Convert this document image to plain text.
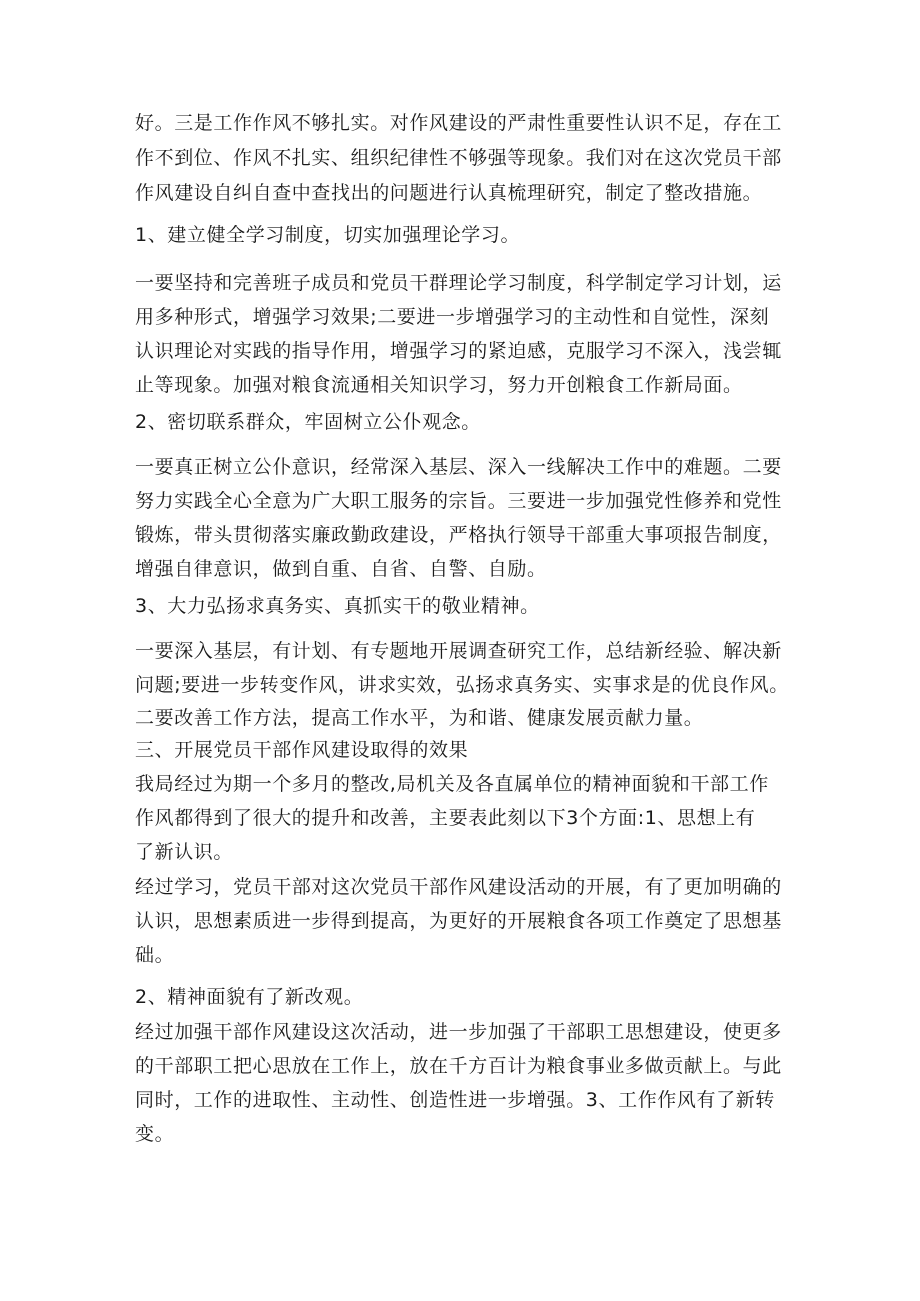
好。三是工作作风不够扎实。对作风建设的严肃性重要性认识不足，存在工
作不到位、作风不扎实、组织纪律性不够强等现象。我们对在这次党员干部
作风建设自纠自查中查找出的问题进行认真梳理研究，制定了整改措施。
1、建立健全学习制度，切实加强理论学习。
一要坚持和完善班子成员和党员干群理论学习制度，科学制定学习计划，运
用多种形式，增强学习效果;二要进一步增强学习的主动性和自觉性，深刻
认识理论对实践的指导作用，增强学习的紧迫感，克服学习不深入，浅尝辄
止等现象。加强对粮食流通相关知识学习，努力开创粮食工作新局面。
2、密切联系群众，牢固树立公仆观念。
一要真正树立公仆意识，经常深入基层、深入一线解决工作中的难题。二要
努力实践全心全意为广大职工服务的宗旨。三要进一步加强党性修养和党性
锻炼，带头贯彻落实廉政勤政建设，严格执行领导干部重大事项报告制度，
增强自律意识，做到自重、自省、自警、自励。
3、大力弘扬求真务实、真抓实干的敬业精神。
一要深入基层，有计划、有专题地开展调查研究工作，总结新经验、解决新
问题;要进一步转变作风，讲求实效，弘扬求真务实、实事求是的优良作风。
二要改善工作方法，提高工作水平，为和谐、健康发展贡献力量。
三、开展党员干部作风建设取得的效果
我局经过为期一个多月的整改,局机关及各直属单位的精神面貌和干部工作
作风都得到了很大的提升和改善，主要表此刻以下3个方面:1、思想上有
了新认识。
经过学习，党员干部对这次党员干部作风建设活动的开展，有了更加明确的
认识，思想素质进一步得到提高，为更好的开展粮食各项工作奠定了思想基
础。
2、精神面貌有了新改观。
经过加强干部作风建设这次活动，进一步加强了干部职工思想建设，使更多
的干部职工把心思放在工作上，放在千方百计为粮食事业多做贡献上。与此
同时，工作的进取性、主动性、创造性进一步增强。3、工作作风有了新转
变。
